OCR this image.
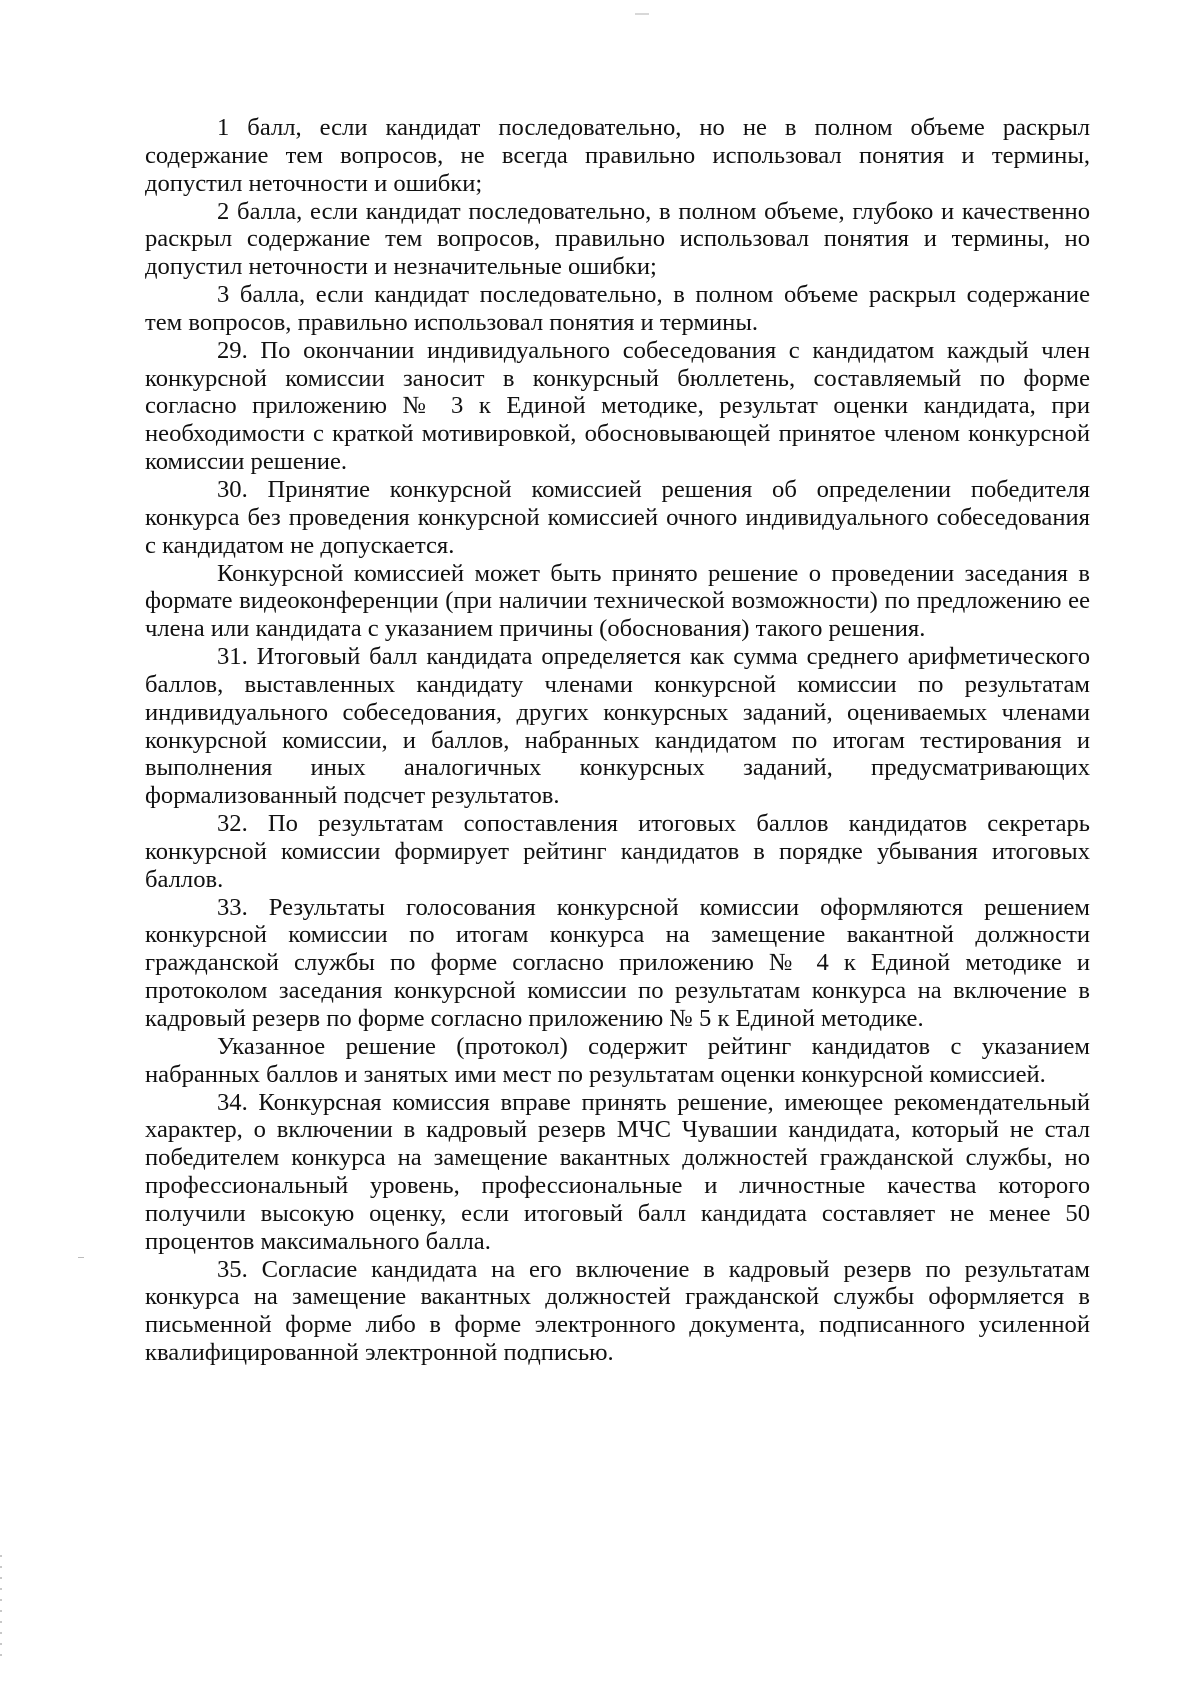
1 балл, если кандидат последовательно, но не в полном объеме раскрыл содержание тем вопросов, не всегда правильно использовал понятия и термины, допустил неточности и ошибки;

2 балла, если кандидат последовательно, в полном объеме, глубоко и качественно раскрыл содержание тем вопросов, правильно использовал понятия и термины, но допустил неточности и незначительные ошибки;

3 балла, если кандидат последовательно, в полном объеме раскрыл содержание тем вопросов, правильно использовал понятия и термины.

29. По окончании индивидуального собеседования с кандидатом каждый член конкурсной комиссии заносит в конкурсный бюллетень, составляемый по форме согласно приложению № 3 к Единой методике, результат оценки кандидата, при необходимости с краткой мотивировкой, обосновывающей принятое членом конкурсной комиссии решение.

30. Принятие конкурсной комиссией решения об определении победителя конкурса без проведения конкурсной комиссией очного индивидуального собеседования с кандидатом не допускается.

Конкурсной комиссией может быть принято решение о проведении заседания в формате видеоконференции (при наличии технической возможности) по предложению ее члена или кандидата с указанием причины (обоснования) такого решения.

31. Итоговый балл кандидата определяется как сумма среднего арифметического баллов, выставленных кандидату членами конкурсной комиссии по результатам индивидуального собеседования, других конкурсных заданий, оцениваемых членами конкурсной комиссии, и баллов, набранных кандидатом по итогам тестирования и выполнения иных аналогичных конкурсных заданий, предусматривающих формализованный подсчет результатов.

32. По результатам сопоставления итоговых баллов кандидатов секретарь конкурсной комиссии формирует рейтинг кандидатов в порядке убывания итоговых баллов.

33. Результаты голосования конкурсной комиссии оформляются решением конкурсной комиссии по итогам конкурса на замещение вакантной должности гражданской службы по форме согласно приложению № 4 к Единой методике и протоколом заседания конкурсной комиссии по результатам конкурса на включение в кадровый резерв по форме согласно приложению № 5 к Единой методике.

Указанное решение (протокол) содержит рейтинг кандидатов с указанием набранных баллов и занятых ими мест по результатам оценки конкурсной комиссией.

34. Конкурсная комиссия вправе принять решение, имеющее рекомендательный характер, о включении в кадровый резерв МЧС Чувашии кандидата, который не стал победителем конкурса на замещение вакантных должностей гражданской службы, но профессиональный уровень, профессиональные и личностные качества которого получили высокую оценку, если итоговый балл кандидата составляет не менее 50 процентов максимального балла.

35. Согласие кандидата на его включение в кадровый резерв по результатам конкурса на замещение вакантных должностей гражданской службы оформляется в письменной форме либо в форме электронного документа, подписанного усиленной квалифицированной электронной подписью.
